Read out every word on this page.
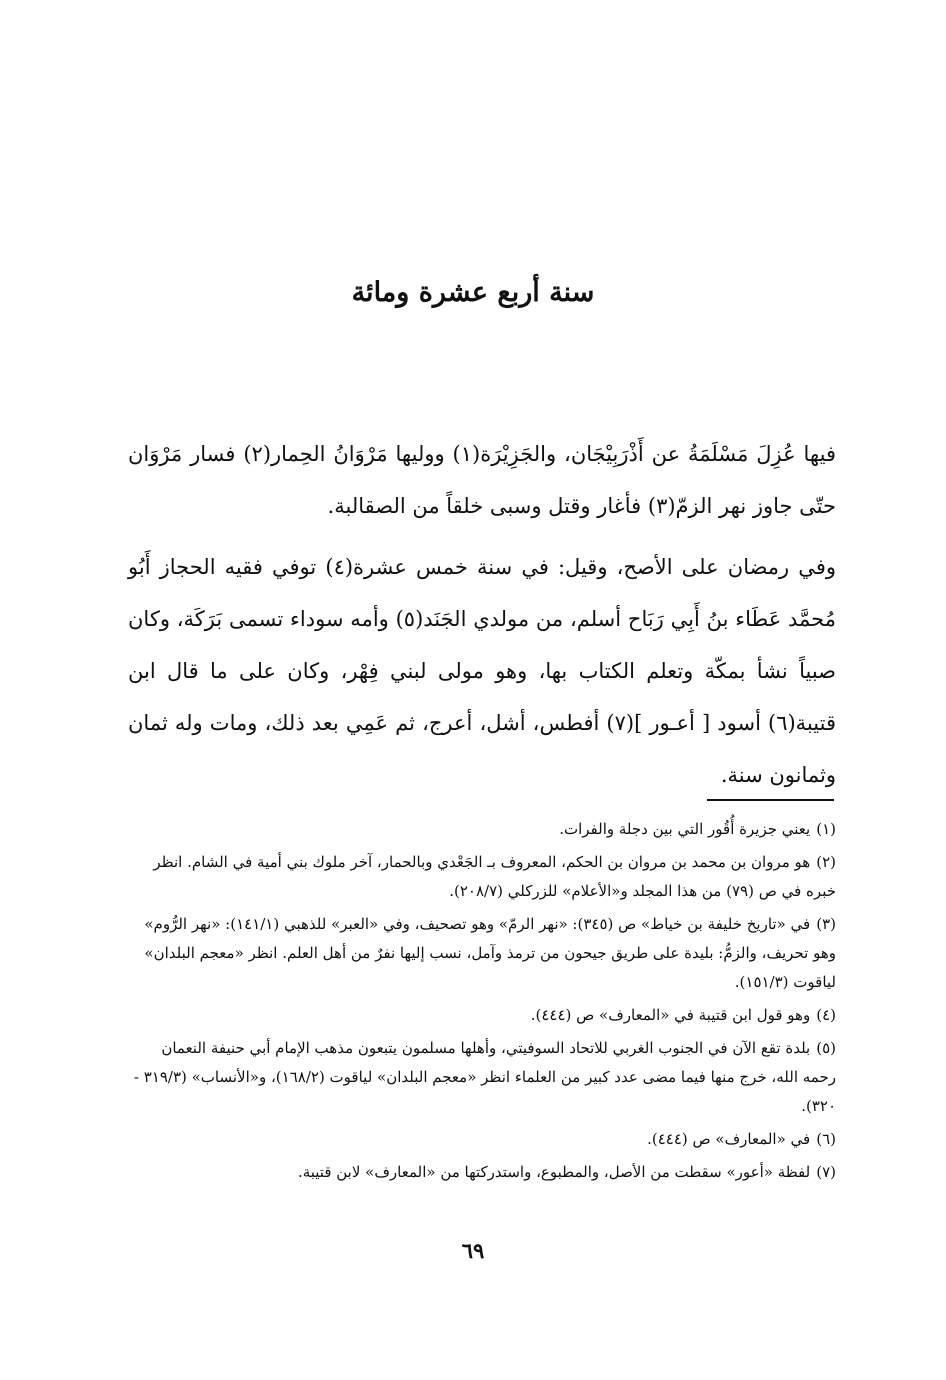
سنة أربع عشرة ومائة

فيها عُزِلَ مَسْلَمَةُ عن أَذْرَبِيْجَان، والجَزِيْرَة(١) ووليها مَرْوَانُ الحِمار(٢) فسار مَرْوَان حتّى جاوز نهر الزمّ(٣) فأغار وقتل وسبى خلقاً من الصقالبة.

وفي رمضان على الأصح، وقيل: في سنة خمس عشرة(٤) توفي فقيه الحجاز أَبُو مُحمَّد عَطَاء بنُ أَبِي رَبَاح أسلم، من مولدي الجَنَد(٥) وأمه سوداء تسمى بَرَكَة، وكان صبياً نشأ بمكّة وتعلم الكتاب بها، وهو مولى لبني فِهْر، وكان على ما قال ابن قتيبة(٦) أسود [ أعـور ](٧) أفطس، أشل، أعرج، ثم عَمِي بعد ذلك، ومات وله ثمان وثمانون سنة.

(١)يعني جزيرة أُقُور التي بين دجلة والفرات.
(٢)هو مروان بن محمد بن مروان بن الحكم، المعروف بـ الجَعْدي وبالحمار، آخر ملوك بني أمية في الشام. انظر خبره في ص (٧٩) من هذا المجلد و«الأعلام» للزركلي (٢٠٨/٧).
(٣)في «تاريخ خليفة بن خياط» ص (٣٤٥): «نهر الرمّ» وهو تصحيف، وفي «العبر» للذهبي (١٤١/١): «نهر الرُّوم» وهو تحريف، والزمُّ: بليدة على طريق جيحون من ترمذ وآمل، نسب إليها نفرٌ من أهل العلم. انظر «معجم البلدان» لياقوت (١٥١/٣).
(٤)وهو قول ابن قتيبة في «المعارف» ص (٤٤٤).
(٥)بلدة تقع الآن في الجنوب الغربي للاتحاد السوفيتي، وأهلها مسلمون يتبعون مذهب الإمام أبي حنيفة النعمان رحمه الله، خرج منها فيما مضى عدد كبير من العلماء انظر «معجم البلدان» لياقوت (١٦٨/٢)، و«الأنساب» (٣١٩/٣ - ٣٢٠).
(٦)في «المعارف» ص (٤٤٤).
(٧)لفظة «أعور» سقطت من الأصل، والمطبوع، واستدركتها من «المعارف» لابن قتيبة.
٦٩
